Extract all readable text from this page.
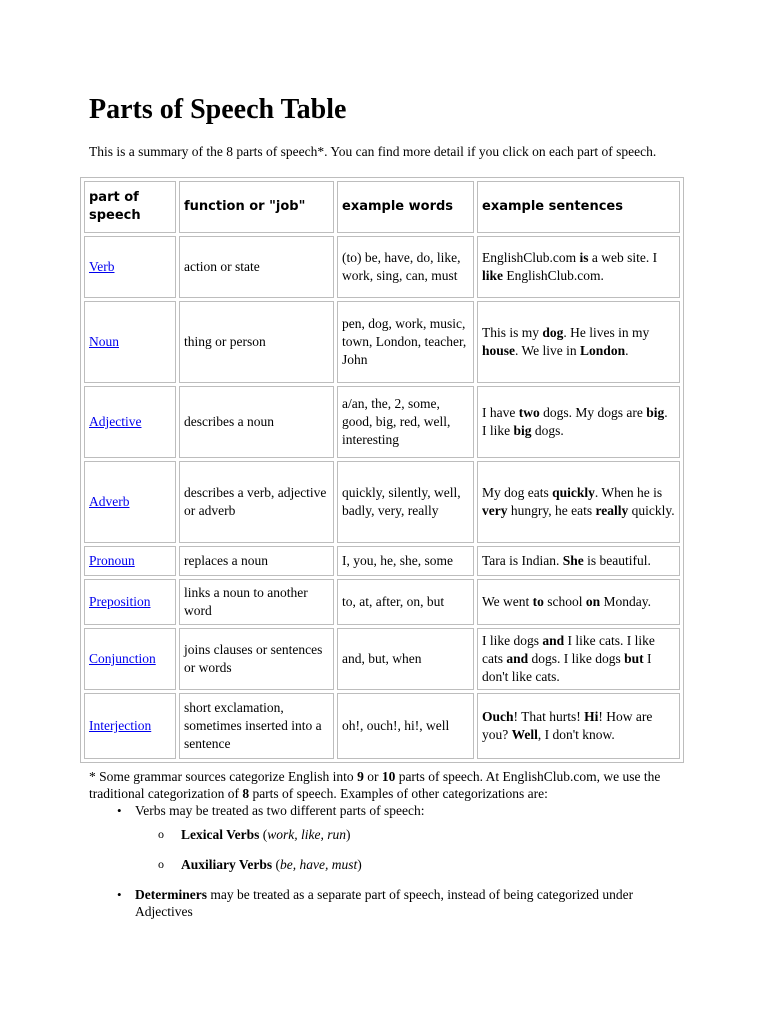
Parts of Speech Table
This is a summary of the 8 parts of speech*. You can find more detail if you click on each part of speech.
part of speech	function or "job"	example words	example sentences
Verb	action or state	(to) be, have, do, like, work, sing, can, must	EnglishClub.com is a web site. I like EnglishClub.com.
Noun	thing or person	pen, dog, work, music, town, London, teacher, John	This is my dog. He lives in my house. We live in London.
Adjective	describes a noun	a/an, the, 2, some, good, big, red, well, interesting	I have two dogs. My dogs are big. I like big dogs.
Adverb	describes a verb, adjective or adverb	quickly, silently, well, badly, very, really	My dog eats quickly. When he is very hungry, he eats really quickly.
Pronoun	replaces a noun	I, you, he, she, some	Tara is Indian. She is beautiful.
Preposition	links a noun to another word	to, at, after, on, but	We went to school on Monday.
Conjunction	joins clauses or sentences or words	and, but, when	I like dogs and I like cats. I like cats and dogs. I like dogs but I don't like cats.
Interjection	short exclamation, sometimes inserted into a sentence	oh!, ouch!, hi!, well	Ouch! That hurts! Hi! How are you? Well, I don't know.
* Some grammar sources categorize English into 9 or 10 parts of speech. At EnglishClub.com, we use the traditional categorization of 8 parts of speech. Examples of other categorizations are:
• Verbs may be treated as two different parts of speech:
o Lexical Verbs (work, like, run)
o Auxiliary Verbs (be, have, must)
• Determiners may be treated as a separate part of speech, instead of being categorized under Adjectives
